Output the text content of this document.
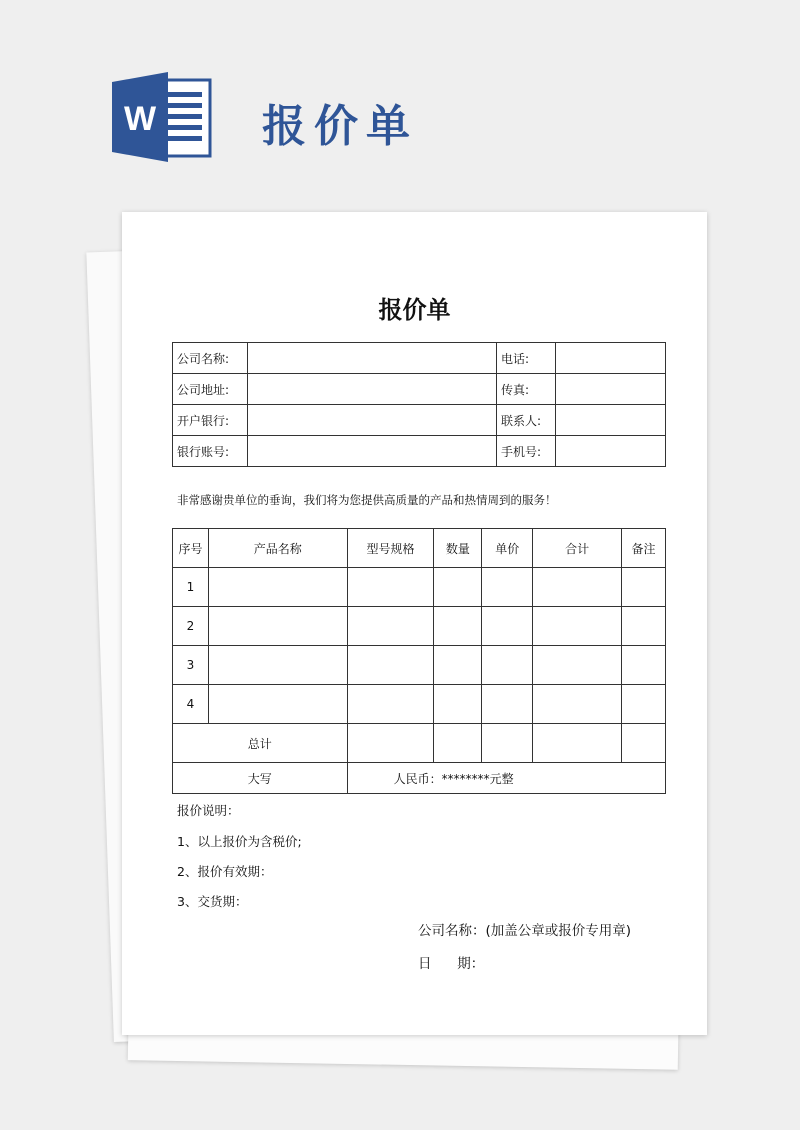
W 报价单
报价单
公司名称:		电话:	
公司地址:		传真:	
开户银行:		联系人:	
银行账号:		手机号:	
非常感谢贵单位的垂询，我们将为您提供高质量的产品和热情周到的服务！
序号	产品名称	型号规格	数量	单价	合计	备注
1						
2						
3						
4						
总计						
大写		人民币：********元整				
报价说明：
1、以上报价为含税价;
2、报价有效期：
3、交货期：
公司名称：(加盖公章或报价专用章)
日      期：
